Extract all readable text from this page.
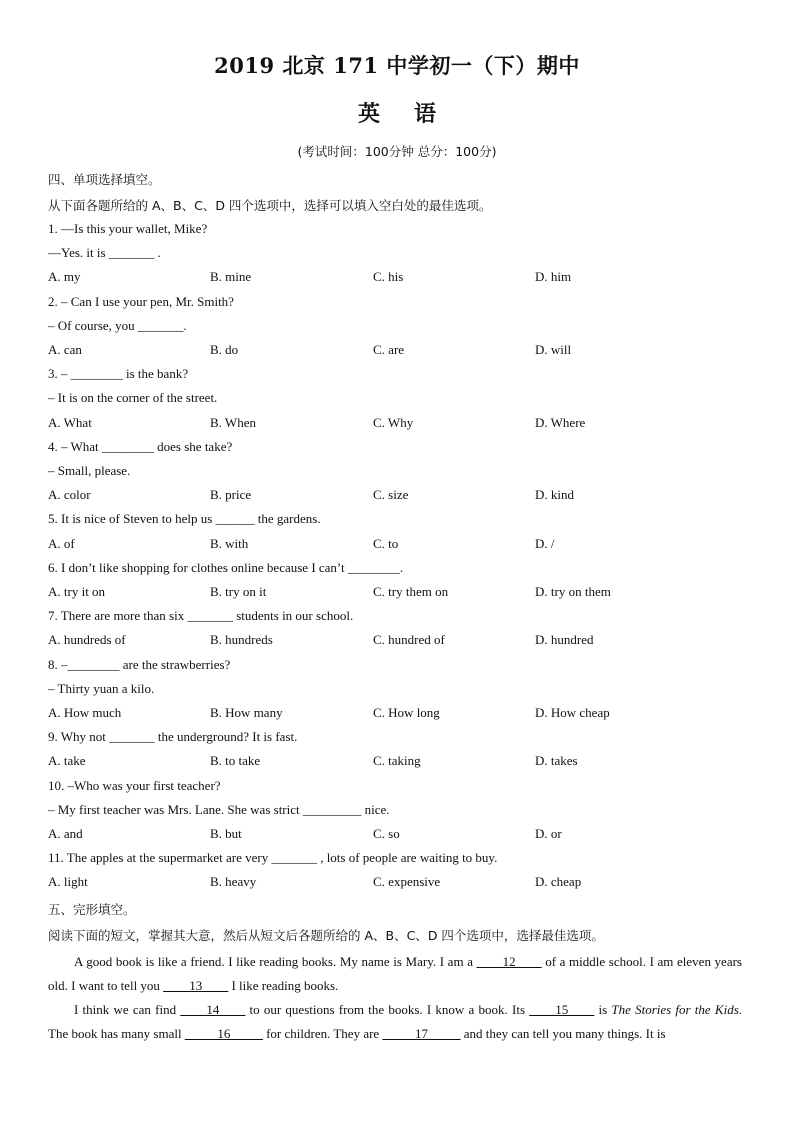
2019 北京 171 中学初一（下）期中
英语
(考试时间：100分钟 总分：100分)
四、单项选择填空。
从下面各题所给的 A、B、C、D 四个选项中，选择可以填入空白处的最佳选项。
1. —Is this your wallet, Mike?
—Yes. it is _______ .
A. my	B. mine	C. his	D. him
2. – Can I use your pen, Mr. Smith?
– Of course, you _______.
A. can	B. do	C. are	D. will
3. – ________ is the bank?
– It is on the corner of the street.
A. What	B. When	C. Why	D. Where
4. – What ________ does she take?
– Small, please.
A. color	B. price	C. size	D. kind
5. It is nice of Steven to help us ______ the gardens.
A. of	B. with	C. to	D. /
6. I don’t like shopping for clothes online because I can’t ________.
A. try it on	B. try on it	C. try them on	D. try on them
7. There are more than six _______ students in our school.
A. hundreds of	B. hundreds	C. hundred of	D. hundred
8. –________ are the strawberries?
– Thirty yuan a kilo.
A. How much	B. How many	C. How long	D. How cheap
9. Why not _______ the underground? It is fast.
A. take	B. to take	C. taking	D. takes
10. –Who was your first teacher?
– My first teacher was Mrs. Lane. She was strict _________ nice.
A. and	B. but	C. so	D. or
11. The apples at the supermarket are very _______ , lots of people are waiting to buy.
A. light	B. heavy	C. expensive	D. cheap
五、完形填空。
阅读下面的短文，掌握其大意，然后从短文后各题所给的 A、B、C、D 四个选项中，选择最佳选项。
A good book is like a friend. I like reading books. My name is Mary. I am a ____12____ of a middle school. I am eleven years old. I want to tell you ____13____ I like reading books.
I think we can find ____14____ to our questions from the books. I know a book. Its ____15____ is The Stories for the Kids. The book has many small _____16_____ for children. They are _____17_____ and they can tell you many things. It is
